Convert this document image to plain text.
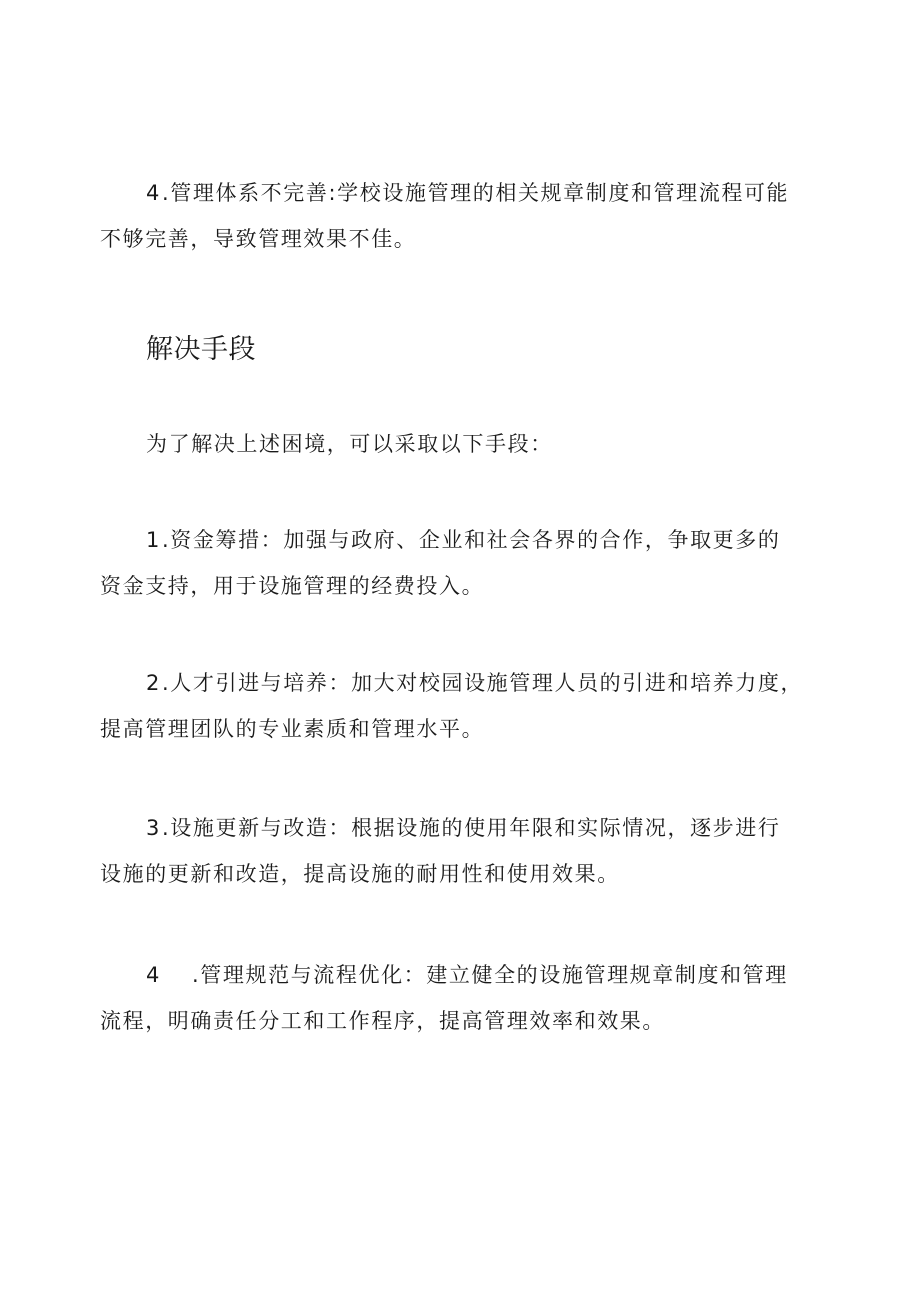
4.管理体系不完善:学校设施管理的相关规章制度和管理流程可能
不够完善，导致管理效果不佳。

解决手段

为了解决上述困境，可以采取以下手段：

1.资金筹措：加强与政府、企业和社会各界的合作，争取更多的
资金支持，用于设施管理的经费投入。

2.人才引进与培养：加大对校园设施管理人员的引进和培养力度，
提高管理团队的专业素质和管理水平。

3.设施更新与改造：根据设施的使用年限和实际情况，逐步进行
设施的更新和改造，提高设施的耐用性和使用效果。

4 .管理规范与流程优化：建立健全的设施管理规章制度和管理
流程，明确责任分工和工作程序，提高管理效率和效果。
